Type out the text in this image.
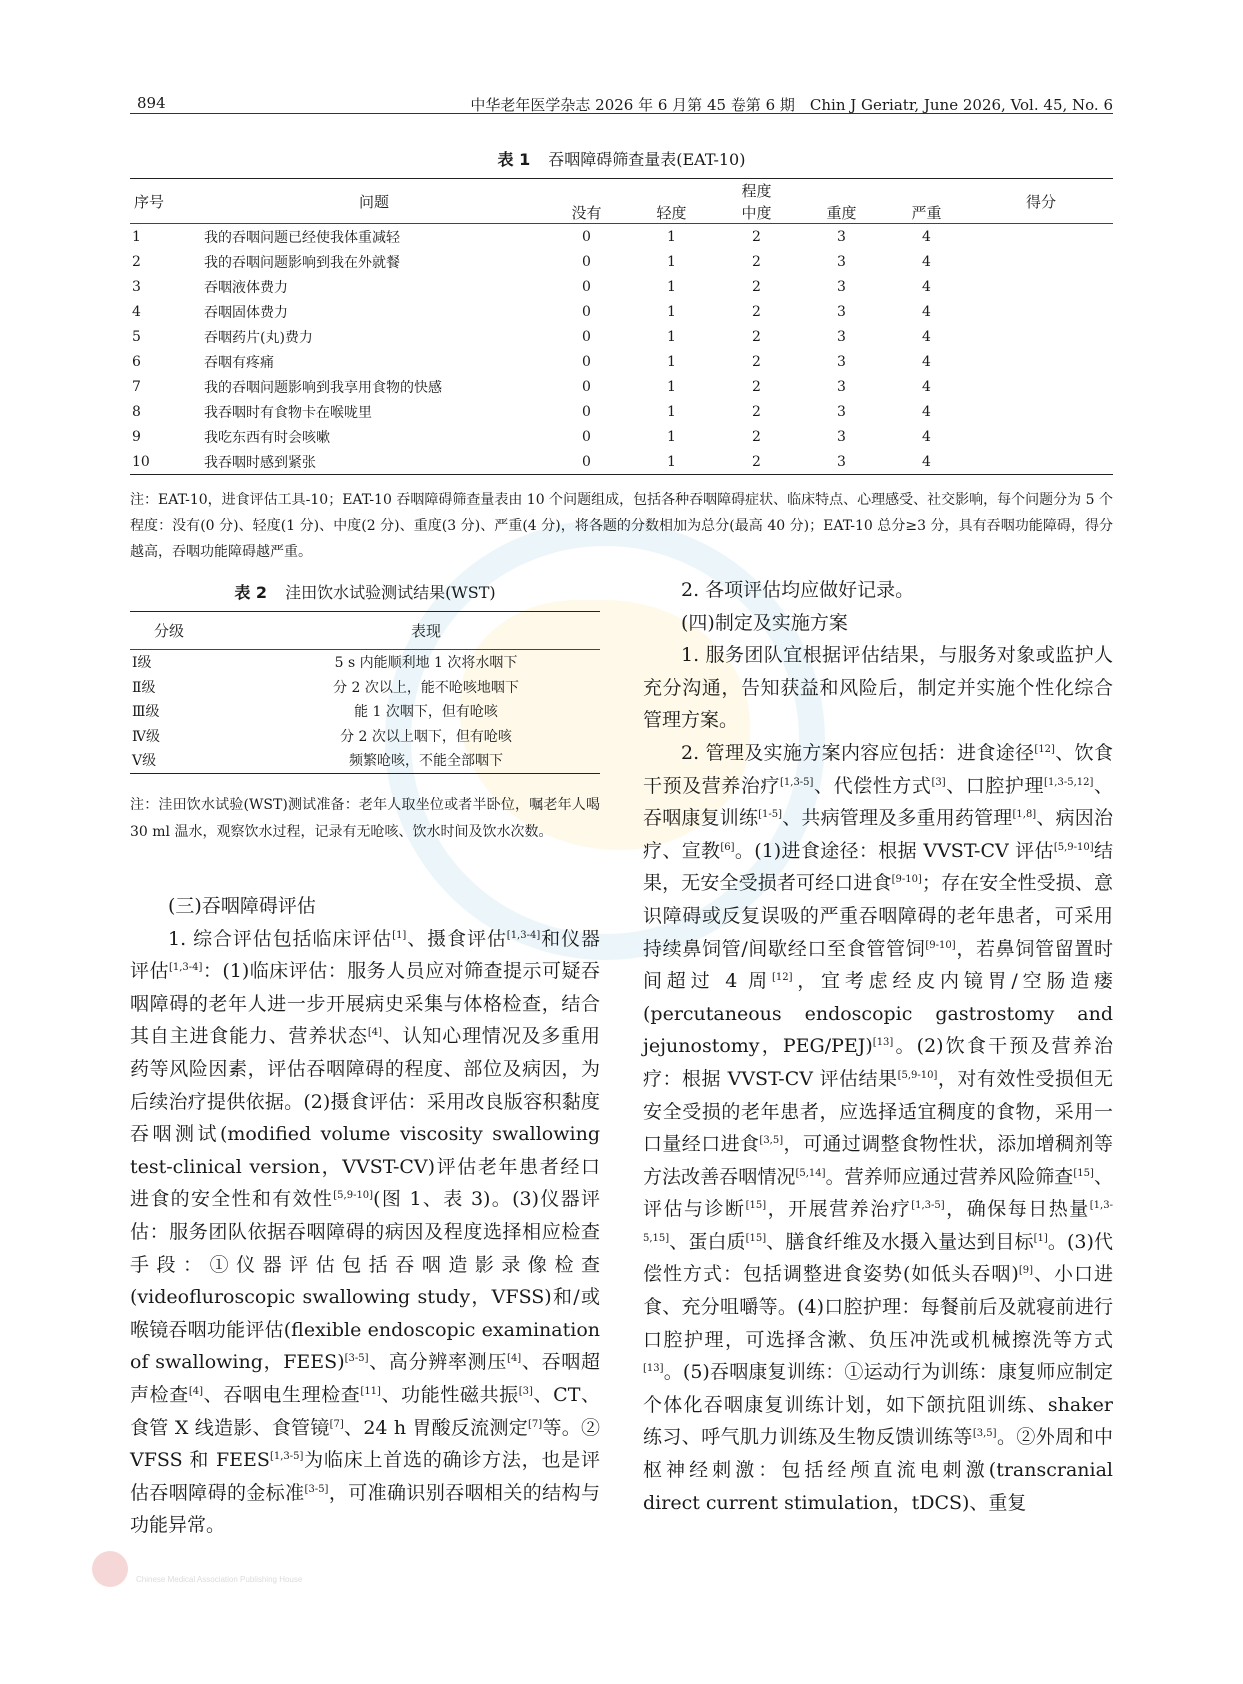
894	中华老年医学杂志 2026 年 6 月第 45 卷第 6 期　Chin J Geriatr, June 2026, Vol. 45, No. 6
表 1 吞咽障碍筛查量表(EAT-10)
序号	问题	程度					得分
		没有	轻度	中度	重度	严重	
1	我的吞咽问题已经使我体重减轻	0	1	2	3	4	
2	我的吞咽问题影响到我在外就餐	0	1	2	3	4	
3	吞咽液体费力	0	1	2	3	4	
4	吞咽固体费力	0	1	2	3	4	
5	吞咽药片(丸)费力	0	1	2	3	4	
6	吞咽有疼痛	0	1	2	3	4	
7	我的吞咽问题影响到我享用食物的快感	0	1	2	3	4	
8	我吞咽时有食物卡在喉咙里	0	1	2	3	4	
9	我吃东西有时会咳嗽	0	1	2	3	4	
10	我吞咽时感到紧张	0	1	2	3	4	
注：EAT-10，进食评估工具-10；EAT-10 吞咽障碍筛查量表由 10 个问题组成，包括各种吞咽障碍症状、临床特点、心理感受、社交影响，每个问题分为 5 个程度：没有(0 分)、轻度(1 分)、中度(2 分)、重度(3 分)、严重(4 分)，将各题的分数相加为总分(最高 40 分)；EAT-10 总分≥3 分，具有吞咽功能障碍，得分越高，吞咽功能障碍越严重。
表 2 洼田饮水试验测试结果(WST)
分级	表现
Ⅰ级	5 s 内能顺利地 1 次将水咽下
Ⅱ级	分 2 次以上，能不呛咳地咽下
Ⅲ级	能 1 次咽下，但有呛咳
Ⅳ级	分 2 次以上咽下，但有呛咳
Ⅴ级	频繁呛咳，不能全部咽下
注：洼田饮水试验(WST)测试准备：老年人取坐位或者半卧位，嘱老年人喝 30 ml 温水，观察饮水过程，记录有无呛咳、饮水时间及饮水次数。

(三)吞咽障碍评估

1. 综合评估包括临床评估[1]、摄食评估[1,3-4]和仪器评估[1,3-4]：(1)临床评估：服务人员应对筛查提示可疑吞咽障碍的老年人进一步开展病史采集与体格检查，结合其自主进食能力、营养状态[4]、认知心理情况及多重用药等风险因素，评估吞咽障碍的程度、部位及病因，为后续治疗提供依据。(2)摄食评估：采用改良版容积黏度吞咽测试(modified volume viscosity swallowing test-clinical version，VVST-CV)评估老年患者经口进食的安全性和有效性[5,9-10](图 1、表 3)。(3)仪器评估：服务团队依据吞咽障碍的病因及程度选择相应检查手段：①仪器评估包括吞咽造影录像检查(videofluroscopic swallowing study，VFSS)和/或喉镜吞咽功能评估(flexible endoscopic examination of swallowing，FEES)[3-5]、高分辨率测压[4]、吞咽超声检查[4]、吞咽电生理检查[11]、功能性磁共振[3]、CT、食管 X 线造影、食管镜[7]、24 h 胃酸反流测定[7]等。② VFSS 和 FEES[1,3-5]为临床上首选的确诊方法，也是评估吞咽障碍的金标准[3-5]，可准确识别吞咽相关的结构与功能异常。

2. 各项评估均应做好记录。

(四)制定及实施方案

1. 服务团队宜根据评估结果，与服务对象或监护人充分沟通，告知获益和风险后，制定并实施个性化综合管理方案。

2. 管理及实施方案内容应包括：进食途径[12]、饮食干预及营养治疗[1,3-5]、代偿性方式[3]、口腔护理[1,3-5,12]、吞咽康复训练[1-5]、共病管理及多重用药管理[1,8]、病因治疗、宣教[6]。(1)进食途径：根据 VVST-CV 评估[5,9-10]结果，无安全受损者可经口进食[9-10]；存在安全性受损、意识障碍或反复误吸的严重吞咽障碍的老年患者，可采用持续鼻饲管/间歇经口至食管管饲[9-10]，若鼻饲管留置时间超过 4 周[12]，宜考虑经皮内镜胃/空肠造瘘(percutaneous endoscopic gastrostomy and jejunostomy，PEG/PEJ)[13]。(2)饮食干预及营养治疗：根据 VVST-CV 评估结果[5,9-10]，对有效性受损但无安全受损的老年患者，应选择适宜稠度的食物，采用一口量经口进食[3,5]，可通过调整食物性状，添加增稠剂等方法改善吞咽情况[5,14]。营养师应通过营养风险筛查[15]、评估与诊断[15]，开展营养治疗[1,3-5]，确保每日热量[1,3-5,15]、蛋白质[15]、膳食纤维及水摄入量达到目标[1]。(3)代偿性方式：包括调整进食姿势(如低头吞咽)[9]、小口进食、充分咀嚼等。(4)口腔护理：每餐前后及就寝前进行口腔护理，可选择含漱、负压冲洗或机械擦洗等方式[13]。(5)吞咽康复训练：①运动行为训练：康复师应制定个体化吞咽康复训练计划，如下颌抗阻训练、shaker 练习、呼气肌力训练及生物反馈训练等[3,5]。②外周和中枢神经刺激：包括经颅直流电刺激(transcranial direct current stimulation，tDCS)、重复

Chinese Medical Association Publishing House
